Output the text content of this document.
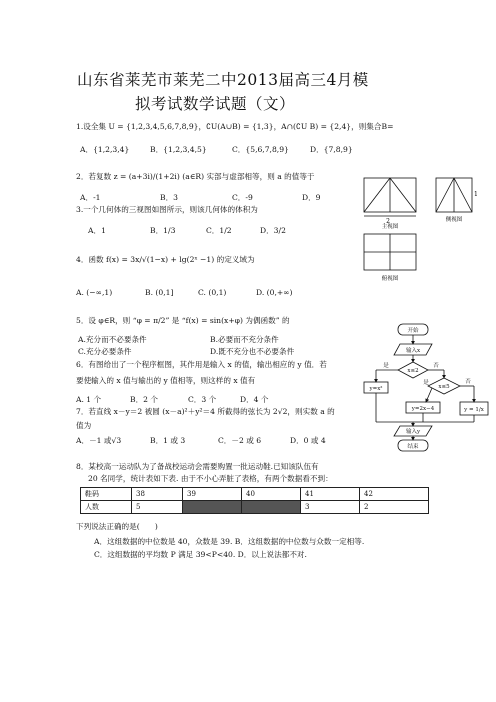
山东省莱芜市莱芜二中2013届高三4月模
拟考试数学试题（文）
1.设全集 U = {1,2,3,4,5,6,7,8,9}，∁U(A∪B) = {1,3}，A∩(∁U B) = {2,4}，则集合B=
A．{1,2,3,4}	B．{1,2,3,4,5}	C．{5,6,7,8,9}	D．{7,8,9}
2．若复数 z = (a+3i)/(1+2i) (a∈R) 实部与虚部相等，则 a 的值等于
A．-1	B．3	C．-9	D．9
3.一个几何体的三视图如图所示，则该几何体的体积为
A．1	B．1/3	C．1/2	D．3/2
4．函数 f(x) = 3x/√(1−x) + lg(2ˣ −1) 的定义域为
A. (−∞,1)	B. (0,1]	C. (0,1)	D. (0,+∞)
5．设 φ∈R，则 “φ = π/2” 是 “f(x) = sin(x+φ) 为偶函数” 的
A.充分而不必要条件	B.必要而不充分条件
C.充分必要条件	D.既不充分也不必要条件
6．有图给出了一个程序框图，其作用是输入 x 的值，输出相应的 y 值．若
要使输入的 x 值与输出的 y 值相等，则这样的 x 值有
A. 1 个	B．2 个	C．3 个	D．4 个
7．若直线 x－y＝2 被圆 (x－a)²＋y²＝4 所截得的弦长为 2√2，则实数 a 的
值为
A．－1 或√3	B．1 或 3	C．－2 或 6	D．0 或 4
8．某校高一运动队为了备战校运动会需要购置一批运动鞋.已知该队伍有
20 名同学，统计表如下表. 由于不小心弄脏了表格，有两个数据看不到：
鞋码	38	39	40	41	42
人数	5			3	2
下列说法正确的是(　　)
A．这组数据的中位数是 40，众数是 39. B．这组数据的中位数与众数一定相等.
C．这组数据的平均数 P 满足 39<P<40. D．以上说法都不对.
2
1
主视图
侧视图
俯视图
开始
输入x
x≤2
是	否
y=x²	x≤5
是	否
y=2x−4	y = 1/x
输入y
结束
